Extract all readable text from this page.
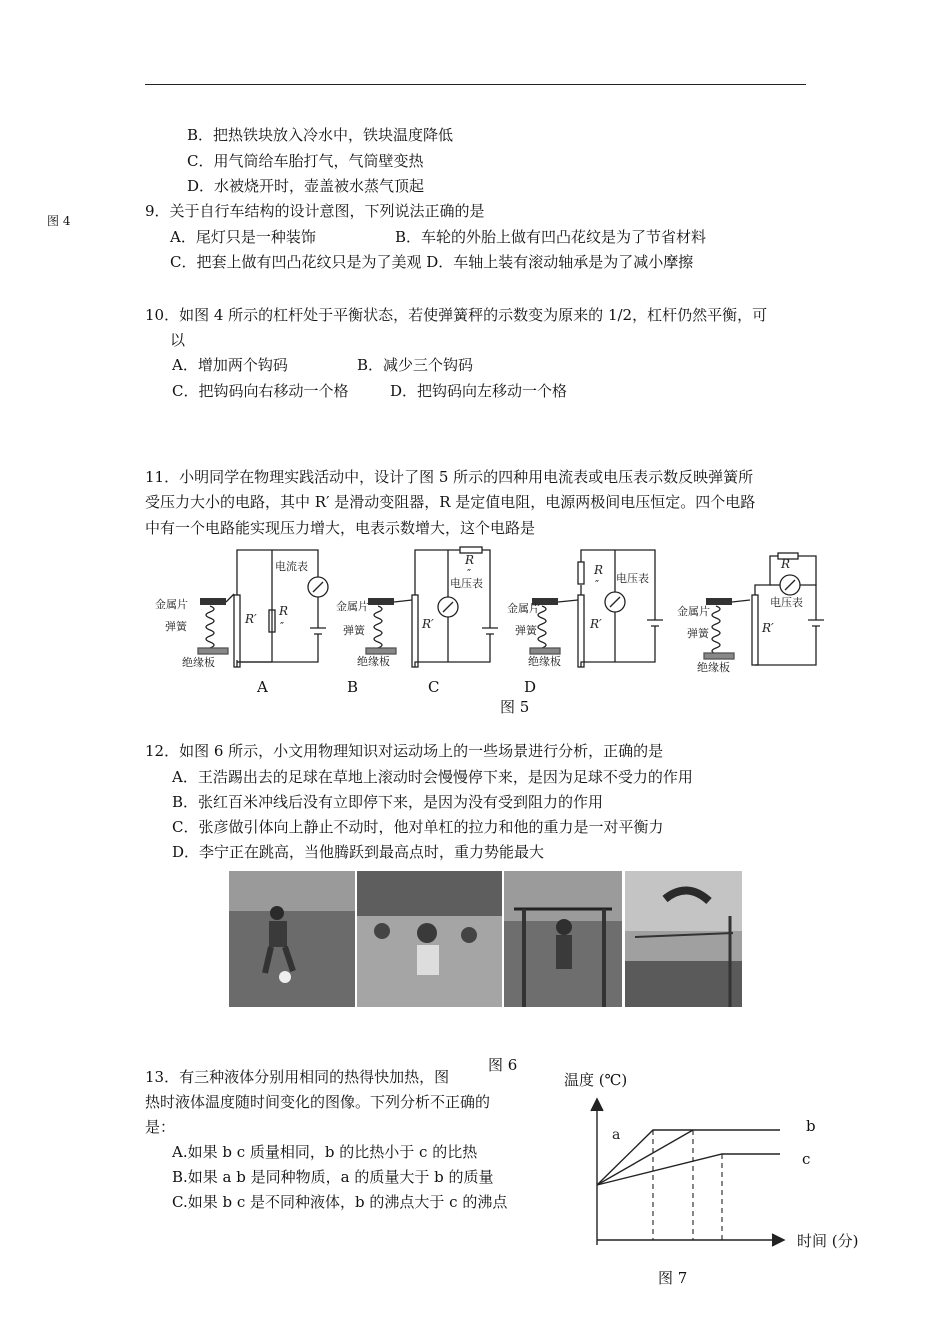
B．把热铁块放入冷水中，铁块温度降低
C．用气筒给车胎打气，气筒壁变热
D．水被烧开时，壶盖被水蒸气顶起
图 4
9．关于自行车结构的设计意图，下列说法正确的是
A．尾灯只是一种装饰	B．车轮的外胎上做有凹凸花纹是为了节省材料
C．把套上做有凹凸花纹只是为了美观 D．车轴上装有滚动轴承是为了减小摩擦
10．如图 4 所示的杠杆处于平衡状态，若使弹簧秤的示数变为原来的 1/2，杠杆仍然平衡，可
以
A．增加两个钩码	B．减少三个钩码
C．把钩码向右移动一个格	D．把钩码向左移动一个格
11．小明同学在物理实践活动中，设计了图 5 所示的四种用电流表或电压表示数反映弹簧所
受压力大小的电路，其中 R′ 是滑动变阻器，R 是定值电阻，电源两极间电压恒定。四个电路
中有一个电路能实现压力增大，电表示数增大，这个电路是
金属片
弹簧
绝缘板
电流表
R′
R
″
金属片
弹簧
绝缘板
电压表
R′
R
″
金属片
弹簧
绝缘板
电压表
R′
R
″
金属片
弹簧
绝缘板
电压表
R′
R
A	B	C	D
图 5
12．如图 6 所示，小文用物理知识对运动场上的一些场景进行分析，正确的是
A．王浩踢出去的足球在草地上滚动时会慢慢停下来，是因为足球不受力的作用
B．张红百米冲线后没有立即停下来，是因为没有受到阻力的作用
C．张彦做引体向上静止不动时，他对单杠的拉力和他的重力是一对平衡力
D．李宁正在跳高，当他腾跃到最高点时，重力势能最大
图 6
13．有三种液体分别用相同的热得快加热，图
热时液体温度随时间变化的图像。下列分析不正确的
是：
A.如果 b c 质量相同，b 的比热小于 c 的比热
B.如果 a b 是同种物质，a 的质量大于 b 的质量
C.如果 b c 是不同种液体，b 的沸点大于 c 的沸点
温度 (℃)
a	b
c
时间 (分)
图 7
